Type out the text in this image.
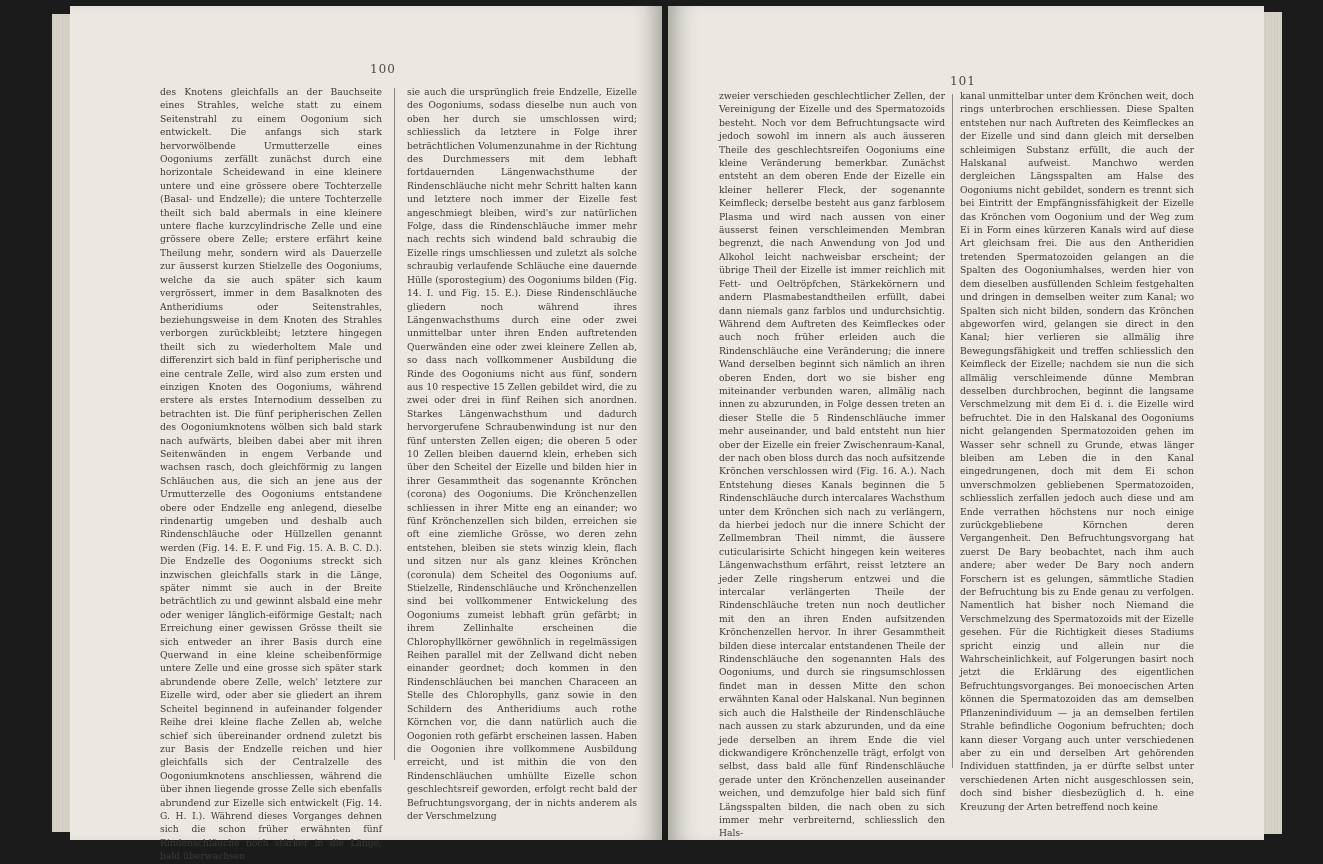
100
des Knotens gleichfalls an der Bauchseite eines Strahles, welche statt zu einem Seitenstrahl zu einem Oogonium sich entwickelt. Die anfangs sich stark hervorwölbende Urmutterzelle eines Oogoniums zerfällt zunächst durch eine horizontale Scheidewand in eine kleinere untere und eine grössere obere Tochterzelle (Basal- und Endzelle); die untere Tochterzelle theilt sich bald abermals in eine kleinere untere flache kurzcylindrische Zelle und eine grössere obere Zelle; erstere erfährt keine Theilung mehr, sondern wird als Dauerzelle zur äusserst kurzen Stielzelle des Oogoniums, welche da sie auch später sich kaum vergrössert, immer in dem Basalknoten des Antheridiums oder Seitenstrahles, beziehungsweise in dem Knoten des Strahles verborgen zurückbleibt; letztere hingegen theilt sich zu wiederholtem Male und differenzirt sich bald in fünf peripherische und eine centrale Zelle, wird also zum ersten und einzigen Knoten des Oogoniums, während erstere als erstes Internodium desselben zu betrachten ist. Die fünf peripherischen Zellen des Oogoniumknotens wölben sich bald stark nach aufwärts, bleiben dabei aber mit ihren Seitenwänden in engem Verbande und wachsen rasch, doch gleichförmig zu langen Schläuchen aus, die sich an jene aus der Urmutterzelle des Oogoniums entstandene obere oder Endzelle eng anlegend, dieselbe rindenartig umgeben und deshalb auch Rindenschläuche oder Hüllzellen genannt werden (Fig. 14. E. F. und Fig. 15. A. B. C. D.). Die Endzelle des Oogoniums streckt sich inzwischen gleichfalls stark in die Länge, später nimmt sie auch in der Breite beträchtlich zu und gewinnt alsbald eine mehr oder weniger länglich-eiförmige Gestalt; nach Erreichung einer gewissen Grösse theilt sie sich entweder an ihrer Basis durch eine Querwand in eine kleine scheibenförmige untere Zelle und eine grosse sich später stark abrundende obere Zelle, welch' letztere zur Eizelle wird, oder aber sie gliedert an ihrem Scheitel beginnend in aufeinander folgender Reihe drei kleine flache Zellen ab, welche schief sich übereinander ordnend zuletzt bis zur Basis der Endzelle reichen und hier gleichfalls sich der Centralzelle des Oogoniumknotens anschliessen, während die über ihnen liegende grosse Zelle sich ebenfalls abrundend zur Eizelle sich entwickelt (Fig. 14. G. H. I.). Während dieses Vorganges dehnen sich die schon früher erwähnten fünf Rindenschläuche noch stärker in die Länge, bald überwachsen
sie auch die ursprünglich freie Endzelle, Eizelle des Oogoniums, sodass dieselbe nun auch von oben her durch sie umschlossen wird; schliesslich da letztere in Folge ihrer beträchtlichen Volumenzunahme in der Richtung des Durchmessers mit dem lebhaft fortdauernden Längenwachsthume der Rindenschläuche nicht mehr Schritt halten kann und letztere noch immer der Eizelle fest angeschmiegt bleiben, wird's zur natürlichen Folge, dass die Rindenschläuche immer mehr nach rechts sich windend bald schraubig die Eizelle rings umschliessen und zuletzt als solche schraubig verlaufende Schläuche eine dauernde Hülle (sporostegium) des Oogoniums bilden (Fig. 14. I. und Fig. 15. E.). Diese Rindenschläuche gliedern noch während ihres Längenwachsthums durch eine oder zwei unmittelbar unter ihren Enden auftretenden Querwänden eine oder zwei kleinere Zellen ab, so dass nach vollkommener Ausbildung die Rinde des Oogoniums nicht aus fünf, sondern aus 10 respective 15 Zellen gebildet wird, die zu zwei oder drei in fünf Reihen sich anordnen. Starkes Längenwachsthum und dadurch hervorgerufene Schraubenwindung ist nur den fünf untersten Zellen eigen; die oberen 5 oder 10 Zellen bleiben dauernd klein, erheben sich über den Scheitel der Eizelle und bilden hier in ihrer Gesammtheit das sogenannte Krönchen (corona) des Oogoniums. Die Krönchenzellen schliessen in ihrer Mitte eng an einander; wo fünf Krönchenzellen sich bilden, erreichen sie oft eine ziemliche Grösse, wo deren zehn entstehen, bleiben sie stets winzig klein, flach und sitzen nur als ganz kleines Krönchen (coronula) dem Scheitel des Oogoniums auf. Stielzelle, Rindenschläuche und Krönchenzellen sind bei vollkommener Entwickelung des Oogoniums zumeist lebhaft grün gefärbt; in ihrem Zellinhalte erscheinen die Chlorophyllkörner gewöhnlich in regelmässigen Reihen parallel mit der Zellwand dicht neben einander geordnet; doch kommen in den Rindenschläuchen bei manchen Characeen an Stelle des Chlorophylls, ganz sowie in den Schildern des Antheridiums auch rothe Körnchen vor, die dann natürlich auch die Oogonien roth gefärbt erscheinen lassen. Haben die Oogonien ihre vollkommene Ausbildung erreicht, und ist mithin die von den Rindenschläuchen umhüllte Eizelle schon geschlechtsreif geworden, erfolgt recht bald der Befruchtungsvorgang, der in nichts anderem als der Verschmelzung
101
zweier verschieden geschlechtlicher Zellen, der Vereinigung der Eizelle und des Spermatozoids besteht. Noch vor dem Befruchtungsacte wird jedoch sowohl im innern als auch äusseren Theile des geschlechtsreifen Oogoniums eine kleine Veränderung bemerkbar. Zunächst entsteht an dem oberen Ende der Eizelle ein kleiner hellerer Fleck, der sogenannte Keimfleck; derselbe besteht aus ganz farblosem Plasma und wird nach aussen von einer äusserst feinen verschleimenden Membran begrenzt, die nach Anwendung von Jod und Alkohol leicht nachweisbar erscheint; der übrige Theil der Eizelle ist immer reichlich mit Fett- und Oeltröpfchen, Stärkekörnern und andern Plasmabestandtheilen erfüllt, dabei dann niemals ganz farblos und undurchsichtig. Während dem Auftreten des Keimfleckes oder auch noch früher erleiden auch die Rindenschläuche eine Veränderung; die innere Wand derselben beginnt sich nämlich an ihren oberen Enden, dort wo sie bisher eng miteinander verbunden waren, allmälig nach innen zu abzurunden, in Folge dessen treten an dieser Stelle die 5 Rindenschläuche immer mehr auseinander, und bald entsteht nun hier ober der Eizelle ein freier Zwischenraum-Kanal, der nach oben bloss durch das noch aufsitzende Krönchen verschlossen wird (Fig. 16. A.). Nach Entstehung dieses Kanals beginnen die 5 Rindenschläuche durch intercalares Wachsthum unter dem Krönchen sich nach zu verlängern, da hierbei jedoch nur die innere Schicht der Zellmembran Theil nimmt, die äussere cuticularisirte Schicht hingegen kein weiteres Längenwachsthum erfährt, reisst letztere an jeder Zelle ringsherum entzwei und die intercalar verlängerten Theile der Rindenschläuche treten nun noch deutlicher mit den an ihren Enden aufsitzenden Krönchenzellen hervor. In ihrer Gesammtheit bilden diese intercalar entstandenen Theile der Rindenschläuche den sogenannten Hals des Oogoniums, und durch sie ringsumschlossen findet man in dessen Mitte den schon erwähnten Kanal oder Halskanal. Nun beginnen sich auch die Halstheile der Rindenschläuche nach aussen zu stark abzurunden, und da eine jede derselben an ihrem Ende die viel dickwandigere Krönchenzelle trägt, erfolgt von selbst, dass bald alle fünf Rindenschläuche gerade unter den Krönchenzellen auseinander weichen, und demzufolge hier bald sich fünf Längsspalten bilden, die nach oben zu sich immer mehr verbreiternd, schliesslich den Hals-
kanal unmittelbar unter dem Krönchen weit, doch rings unterbrochen erschliessen. Diese Spalten entstehen nur nach Auftreten des Keimfleckes an der Eizelle und sind dann gleich mit derselben schleimigen Substanz erfüllt, die auch der Halskanal aufweist. Manchwo werden dergleichen Längsspalten am Halse des Oogoniums nicht gebildet, sondern es trennt sich bei Eintritt der Empfängnissfähigkeit der Eizelle das Krönchen vom Oogonium und der Weg zum Ei in Form eines kürzeren Kanals wird auf diese Art gleichsam frei. Die aus den Antheridien tretenden Spermatozoiden gelangen an die Spalten des Oogoniumhalses, werden hier von dem dieselben ausfüllenden Schleim festgehalten und dringen in demselben weiter zum Kanal; wo Spalten sich nicht bilden, sondern das Krönchen abgeworfen wird, gelangen sie direct in den Kanal; hier verlieren sie allmälig ihre Bewegungsfähigkeit und treffen schliesslich den Keimfleck der Eizelle; nachdem sie nun die sich allmälig verschleimende dünne Membran desselben durchbrochen, beginnt die langsame Verschmelzung mit dem Ei d. i. die Eizelle wird befruchtet. Die in den Halskanal des Oogoniums nicht gelangenden Spermatozoiden gehen im Wasser sehr schnell zu Grunde, etwas länger bleiben am Leben die in den Kanal eingedrungenen, doch mit dem Ei schon unverschmolzen gebliebenen Spermatozoiden, schliesslich zerfallen jedoch auch diese und am Ende verrathen höchstens nur noch einige zurückgebliebene Körnchen deren Vergangenheit. Den Befruchtungsvorgang hat zuerst De Bary beobachtet, nach ihm auch andere; aber weder De Bary noch andern Forschern ist es gelungen, sämmtliche Stadien der Befruchtung bis zu Ende genau zu verfolgen. Namentlich hat bisher noch Niemand die Verschmelzung des Spermatozoids mit der Eizelle gesehen. Für die Richtigkeit dieses Stadiums spricht einzig und allein nur die Wahrscheinlichkeit, auf Folgerungen basirt noch jetzt die Erklärung des eigentlichen Befruchtungsvorganges. Bei monoecischen Arten können die Spermatozoiden das am demselben Pflanzenindividuum — ja an demselben fertilen Strahle befindliche Oogonium befruchten; doch kann dieser Vorgang auch unter verschiedenen aber zu ein und derselben Art gehörenden Individuen stattfinden, ja er dürfte selbst unter verschiedenen Arten nicht ausgeschlossen sein, doch sind bisher diesbezüglich d. h. eine Kreuzung der Arten betreffend noch keine
